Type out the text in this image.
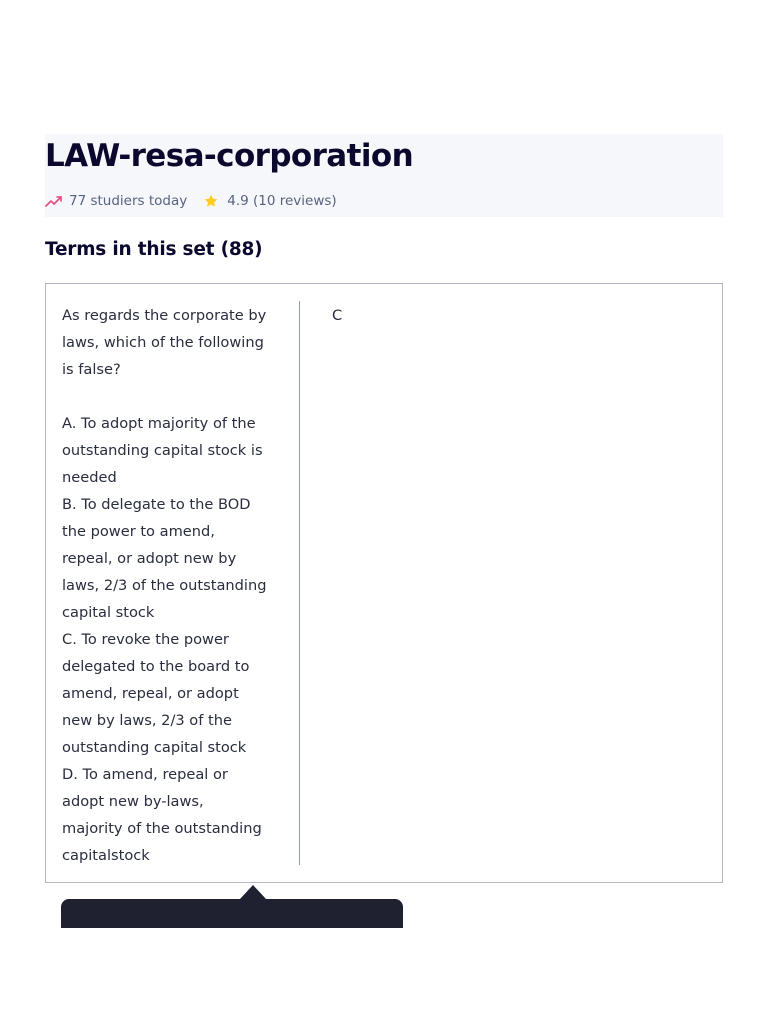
LAW-resa-corporation
77 studiers today	4.9 (10 reviews)
Terms in this set (88)
As regards the corporate by laws, which of the following is false?

A. To adopt majority of the outstanding capital stock is needed
B. To delegate to the BOD the power to amend, repeal, or adopt new by laws, 2/3 of the outstanding capital stock
C. To revoke the power delegated to the board to amend, repeal, or adopt new by laws, 2/3 of the outstanding capital stock
D. To amend, repeal or adopt new by-laws, majority of the outstanding capitalstock
C
